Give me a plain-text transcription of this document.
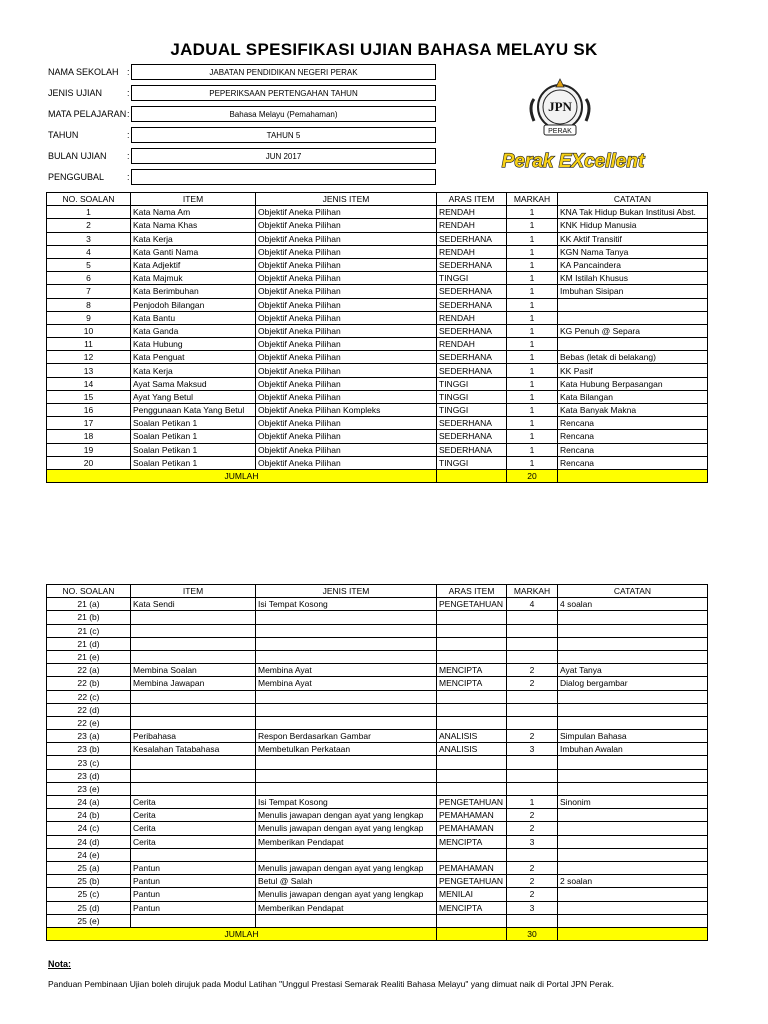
JADUAL SPESIFIKASI UJIAN BAHASA MELAYU SK
NAMA SEKOLAH :	JABATAN PENDIDIKAN NEGERI PERAK
JENIS UJIAN	:	PEPERIKSAAN PERTENGAHAN TAHUN
MATA PELAJARAN :	Bahasa Melayu (Pemahaman)
TAHUN	:	TAHUN 5
BULAN UJIAN :	JUN 2017
PENGGUBAL	:
JPN
PERAK
Perak EXcellent
NO. SOALAN	ITEM	JENIS ITEM	ARAS ITEM	MARKAH	CATATAN
1	Kata Nama Am	Objektif Aneka Pilihan	RENDAH	1	KNA Tak Hidup Bukan Institusi Abst.
2	Kata Nama Khas	Objektif Aneka Pilihan	RENDAH	1	KNK Hidup Manusia
3	Kata Kerja	Objektif Aneka Pilihan	SEDERHANA	1	KK Aktif Transitif
4	Kata Ganti Nama	Objektif Aneka Pilihan	RENDAH	1	KGN Nama Tanya
5	Kata Adjektif	Objektif Aneka Pilihan	SEDERHANA	1	KA Pancaindera
6	Kata Majmuk	Objektif Aneka Pilihan	TINGGI	1	KM Istilah Khusus
7	Kata Berimbuhan	Objektif Aneka Pilihan	SEDERHANA	1	Imbuhan Sisipan
8	Penjodoh Bilangan	Objektif Aneka Pilihan	SEDERHANA	1	
9	Kata Bantu	Objektif Aneka Pilihan	RENDAH	1	
10	Kata Ganda	Objektif Aneka Pilihan	SEDERHANA	1	KG Penuh @ Separa
11	Kata Hubung	Objektif Aneka Pilihan	RENDAH	1	
12	Kata Penguat	Objektif Aneka Pilihan	SEDERHANA	1	Bebas (letak di belakang)
13	Kata Kerja	Objektif Aneka Pilihan	SEDERHANA	1	KK Pasif
14	Ayat Sama Maksud	Objektif Aneka Pilihan	TINGGI	1	Kata Hubung Berpasangan
15	Ayat Yang Betul	Objektif Aneka Pilihan	TINGGI	1	Kata Bilangan
16	Penggunaan Kata Yang Betul	Objektif Aneka Pilihan Kompleks	TINGGI	1	Kata Banyak Makna
17	Soalan Petikan 1	Objektif Aneka Pilihan	SEDERHANA	1	Rencana
18	Soalan Petikan 1	Objektif Aneka Pilihan	SEDERHANA	1	Rencana
19	Soalan Petikan 1	Objektif Aneka Pilihan	SEDERHANA	1	Rencana
20	Soalan Petikan 1	Objektif Aneka Pilihan	TINGGI	1	Rencana
JUMLAH				20	
NO. SOALAN	ITEM	JENIS ITEM	ARAS ITEM	MARKAH	CATATAN
21 (a)	Kata Sendi	Isi Tempat Kosong	PENGETAHUAN	4	4 soalan
21 (b)					
21 (c)					
21 (d)					
21 (e)					
22 (a)	Membina Soalan	Membina Ayat	MENCIPTA	2	Ayat Tanya
22 (b)	Membina Jawapan	Membina Ayat	MENCIPTA	2	Dialog bergambar
22 (c)					
22 (d)					
22 (e)					
23 (a)	Peribahasa	Respon Berdasarkan Gambar	ANALISIS	2	Simpulan Bahasa
23 (b)	Kesalahan Tatabahasa	Membetulkan Perkataan	ANALISIS	3	Imbuhan Awalan
23 (c)					
23 (d)					
23 (e)					
24 (a)	Cerita	Isi Tempat Kosong	PENGETAHUAN	1	Sinonim
24 (b)	Cerita	Menulis jawapan dengan ayat yang lengkap	PEMAHAMAN	2	
24 (c)	Cerita	Menulis jawapan dengan ayat yang lengkap	PEMAHAMAN	2	
24 (d)	Cerita	Memberikan Pendapat	MENCIPTA	3	
24 (e)					
25 (a)	Pantun	Menulis jawapan dengan ayat yang lengkap	PEMAHAMAN	2	
25 (b)	Pantun	Betul @ Salah	PENGETAHUAN	2	2 soalan
25 (c)	Pantun	Menulis jawapan dengan ayat yang lengkap	MENILAI	2	
25 (d)	Pantun	Memberikan Pendapat	MENCIPTA	3	
25 (e)					
JUMLAH				30	
Nota:
Panduan Pembinaan Ujian boleh dirujuk pada Modul Latihan "Unggul Prestasi Semarak Realiti Bahasa Melayu" yang dimuat naik di Portal JPN Perak.
